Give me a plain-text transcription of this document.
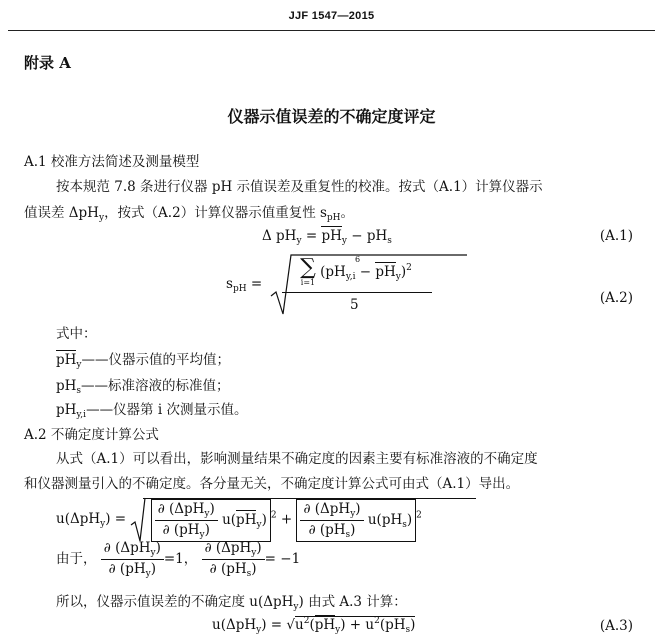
JJF 1547—2015
附录 A
仪器示值误差的不确定度评定
A.1 校准方法简述及测量模型
按本规范 7.8 条进行仪器 pH 示值误差及重复性的校准。按式（A.1）计算仪器示
值误差 ΔpH$_y$，按式（A.2）计算仪器示值重复性 $s_{pH}$。
Δ $pH_y = pH_y - pH_s$	(A.1)
$s_{pH}$ =
∑
i=1
$(pH_{y,i} - pH_y)^2$
6
5	(A.2)
式中：
$pH_y——$仪器示值的平均值；
$pH_s——$标准溶液的标准值；
$pH_{y,i}——$仪器第 i 次测量示值。
A.2 不确定度计算公式
从式（A.1）可以看出，影响测量结果不确定度的因素主要有标准溶液的不确定度
和仪器测量引入的不确定度。各分量无关，不确定度计算公式可由式（A.1）导出。
$u(\Delta pH_y) = \frac{\partial (\Delta pH_y)}{\partial (pH_y)} u(pH_y)^2 + \frac{\partial (\Delta pH_y)}{\partial (pH_s)} u(pH_s)^2$
由于， $\frac{\partial (\Delta pH_y)}{\partial (pH_y)} =1$， $\frac{\partial (\Delta pH_y)}{\partial (pH_s)} = -1$
所以，仪器示值误差的不确定度 u(ΔpH$_y$) 由式 A.3 计算：
$u(\Delta pH_y) = √u^2(pH_y) + u^2(pH_s)$	(A.3)
